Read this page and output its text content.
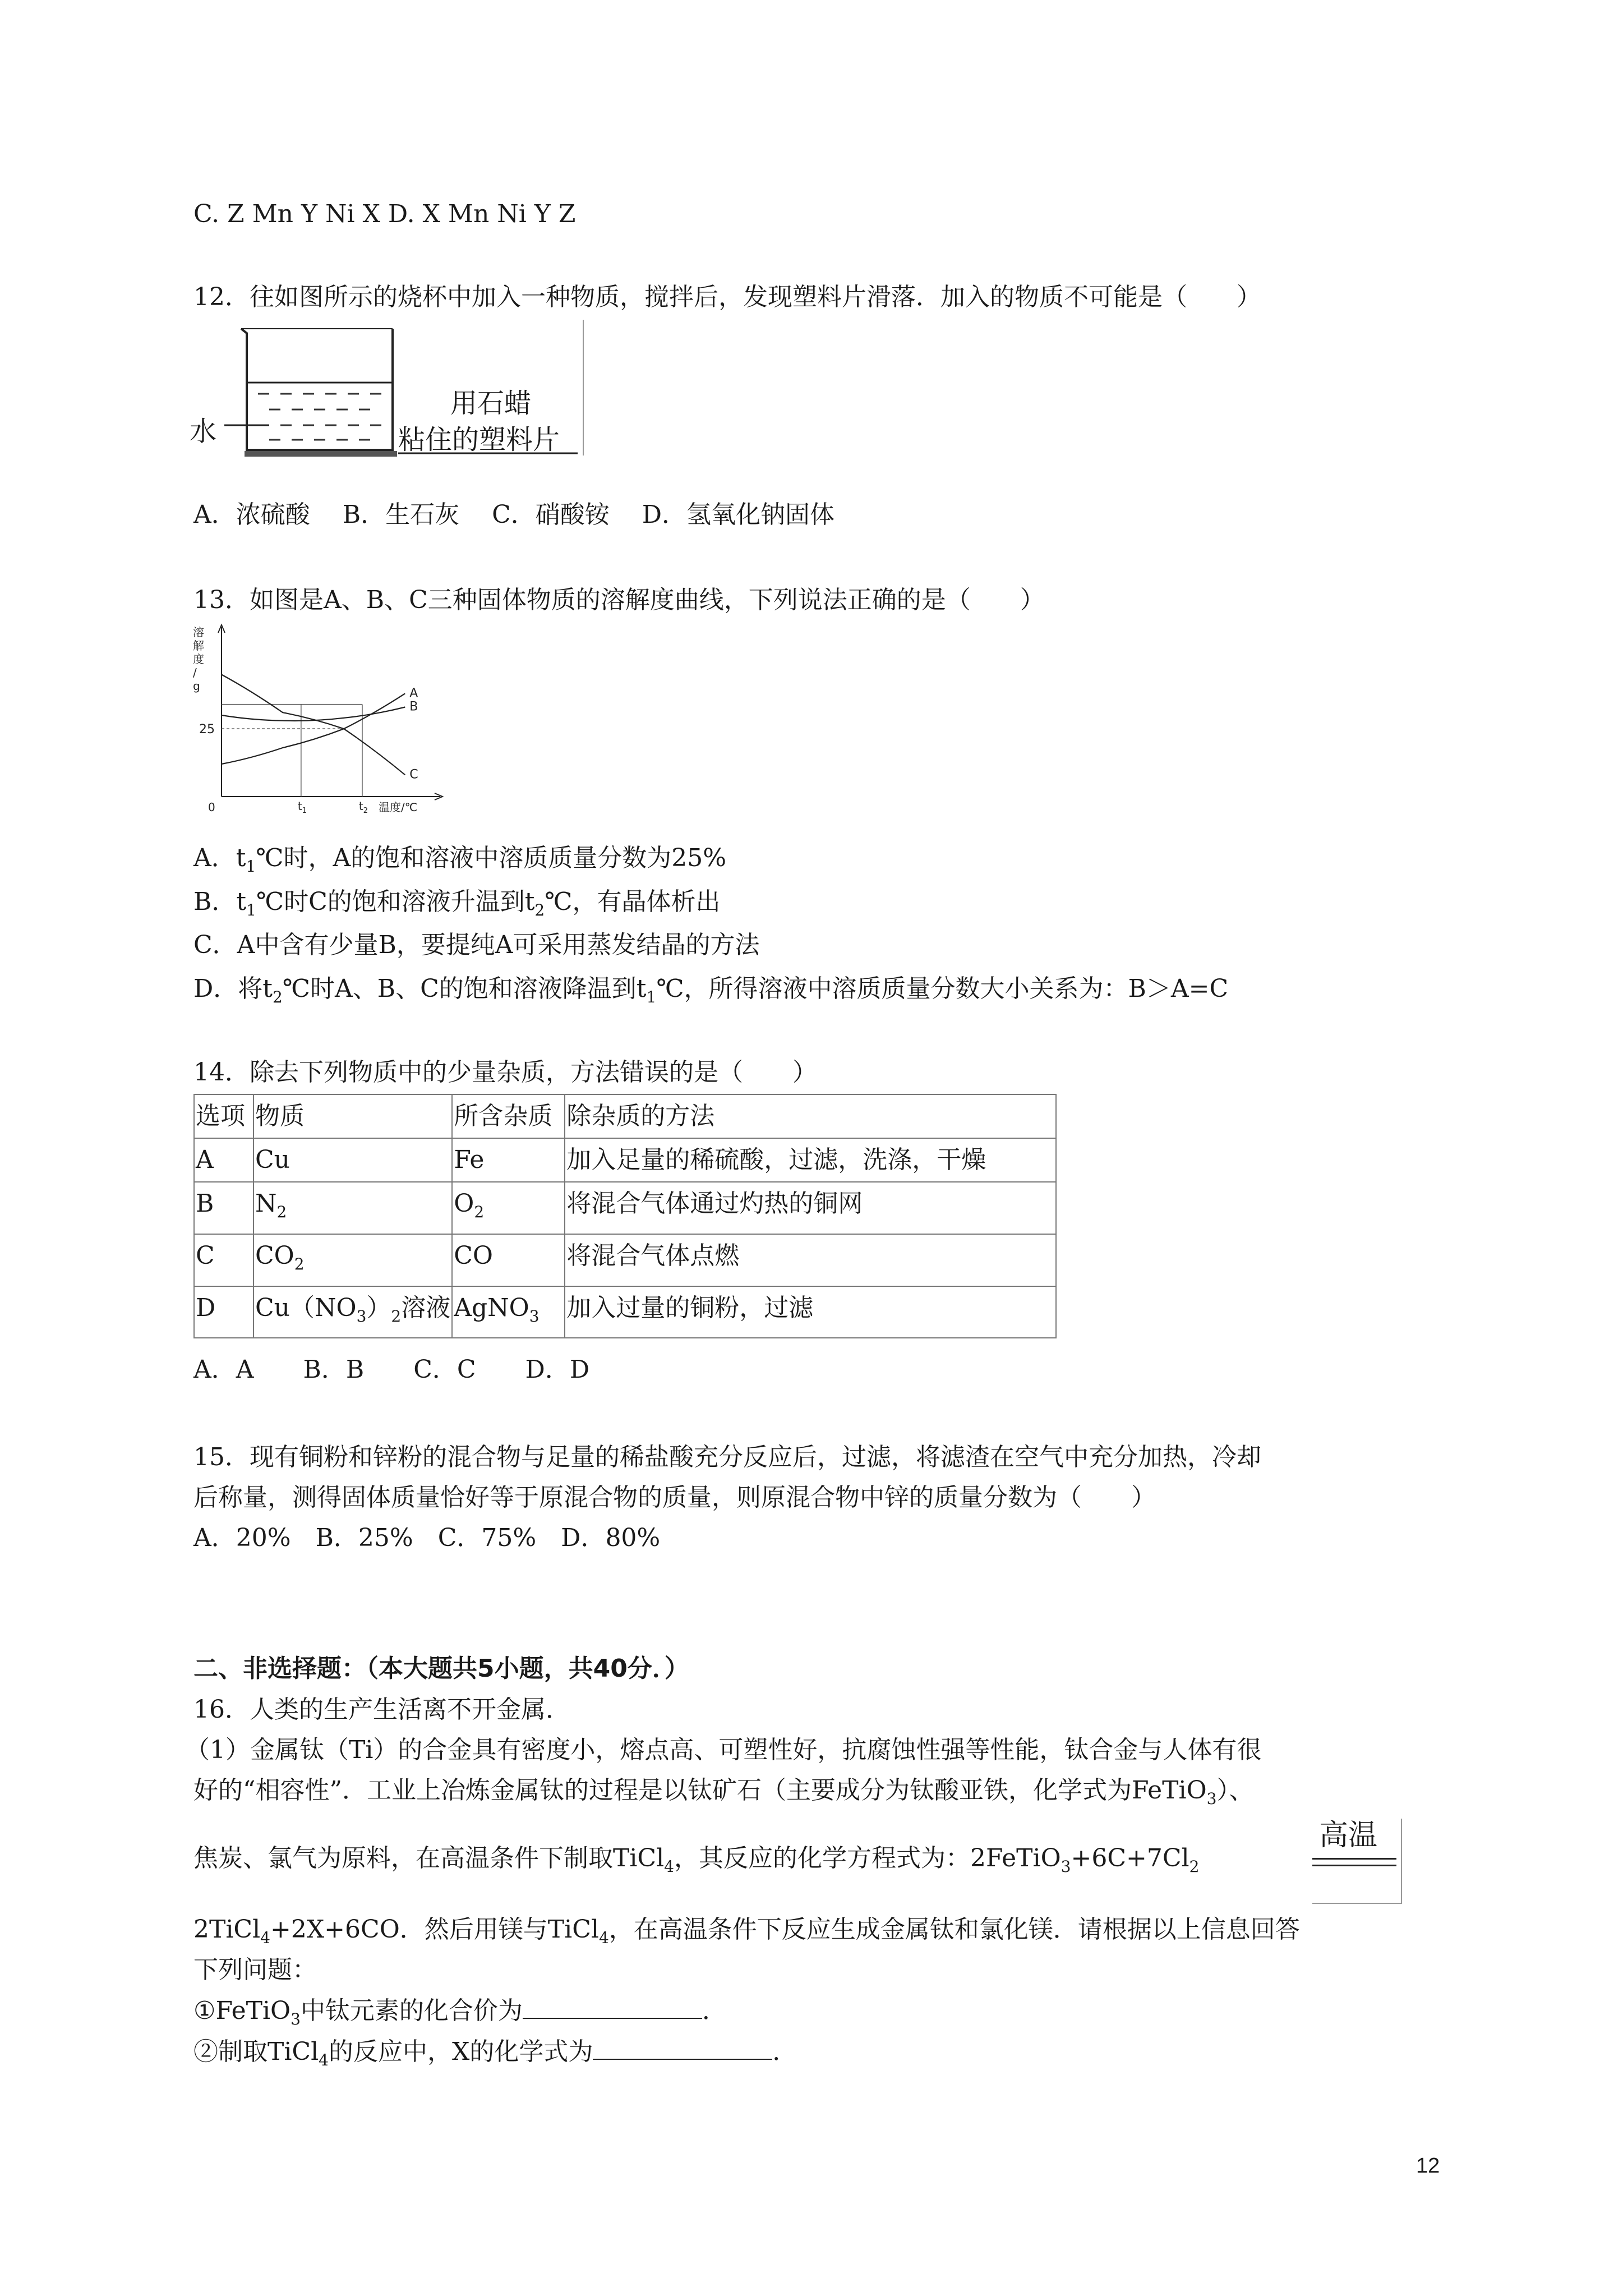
C. Z Mn Y Ni X D. X Mn Ni Y Z
12．往如图所示的烧杯中加入一种物质，搅拌后，发现塑料片滑落．加入的物质不可能是（　　）
水
用石蜡
粘住的塑料片
A．浓硫酸　 B．生石灰　 C．硝酸铵　 D．氢氧化钠固体
13．如图是A、B、C三种固体物质的溶解度曲线，下列说法正确的是（　　）
溶
解
度
/
g
温度/℃
0
25
$t_1$	$t_2$
A
B
C
A．$t_1℃$时，A的饱和溶液中溶质质量分数为25%
B．$t_1℃$时C的饱和溶液升温到$t_2℃$，有晶体析出
C．A中含有少量B，要提纯A可采用蒸发结晶的方法
D．将$t_2℃$时A、B、C的饱和溶液降温到$t_1℃$，所得溶液中溶质质量分数大小关系为：B＞A=C
14．除去下列物质中的少量杂质，方法错误的是（　　）
选项	物质	所含杂质	除杂质的方法
A	Cu	Fe	加入足量的稀硫酸，过滤，洗涤，干燥
B	$N_2$	$O_2$	将混合气体通过灼热的铜网
C	$CO_2$	CO	将混合气体点燃
D	$Cu(NO_3)_2$溶液	AgNO$_3$	加入过量的铜粉，过滤
A．A　　B．B　　C．C　　D．D
15．现有铜粉和锌粉的混合物与足量的稀盐酸充分反应后，过滤，将滤渣在空气中充分加热，冷却
后称量，测得固体质量恰好等于原混合物的质量，则原混合物中锌的质量分数为（　　）
A．20%　B．25%　C．75%　D．80%
二、非选择题：（本大题共5小题，共40分．）
16．人类的生产生活离不开金属．
（1）金属钛（Ti）的合金具有密度小，熔点高、可塑性好，抗腐蚀性强等性能，钛合金与人体有很
好的“相容性”．工业上冶炼金属钛的过程是以钛矿石（主要成分为钛酸亚铁，化学式为FeTiO$_3$）、
焦炭、氯气为原料，在高温条件下制取TiCl$_4$，其反应的化学方程式为：$2FeTiO_3+6C+7Cl_2$
高温
2TiCl$_4$+2X+6CO．然后用镁与TiCl$_4$，在高温条件下反应生成金属钛和氯化镁．请根据以上信息回答
下列问题：
①FeTiO$_3$中钛元素的化合价为	．
②制取TiCl$_4$的反应中，X的化学式为	．
12
